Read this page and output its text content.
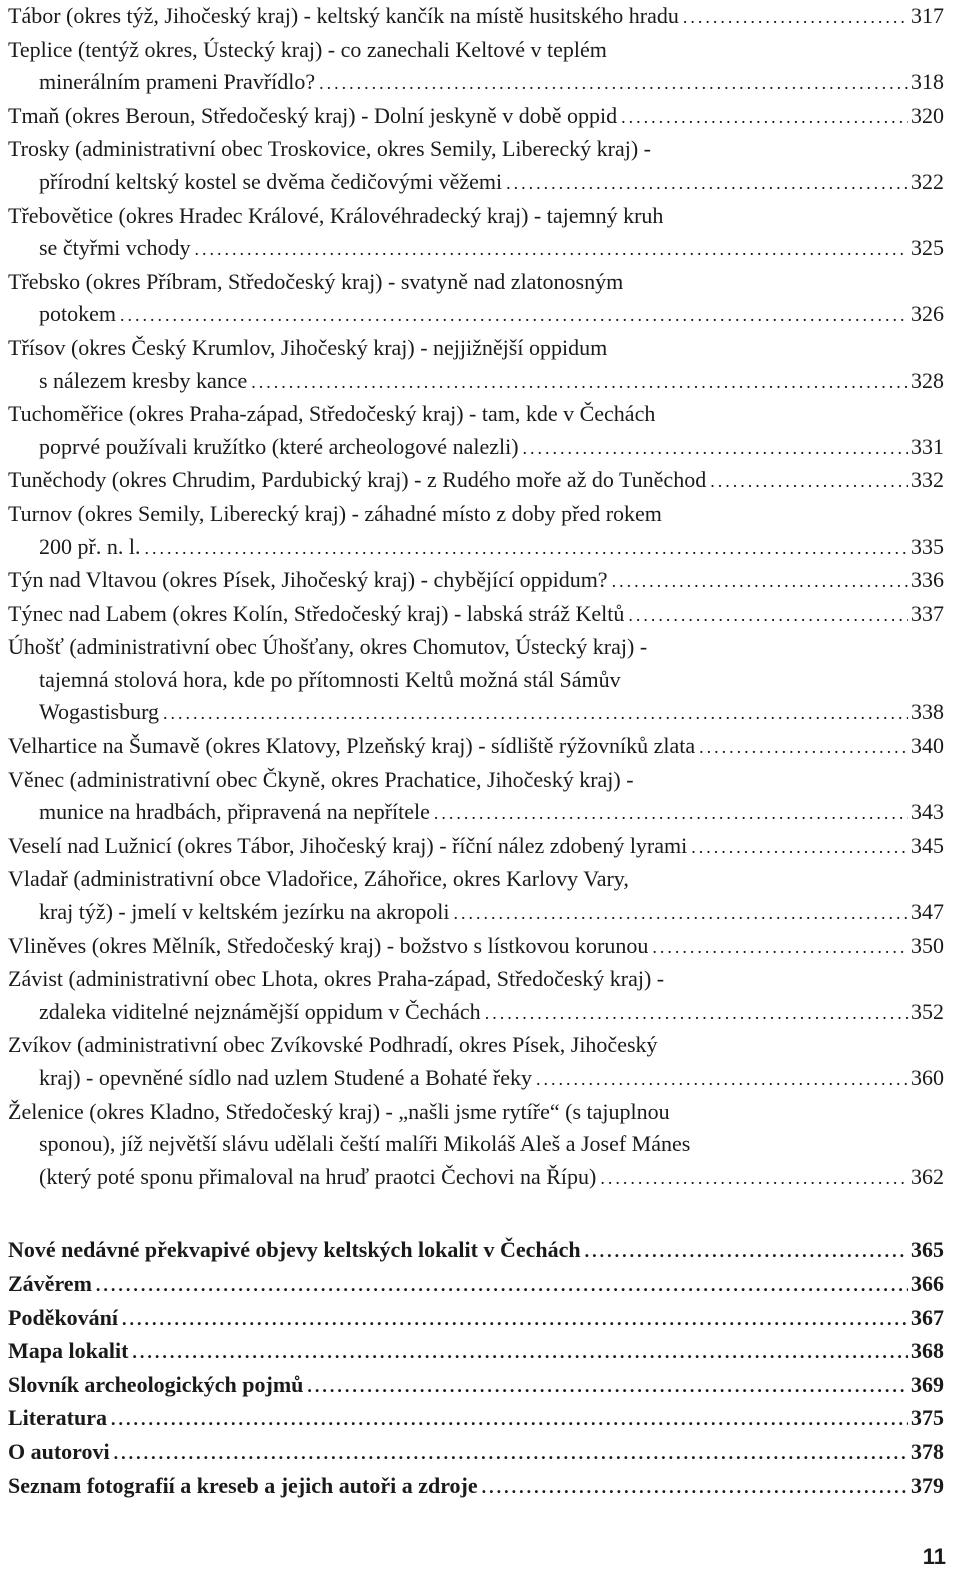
Tábor (okres týž, Jihočeský kraj) - keltský kančík na místě husitského hradu .....	317
Teplice (tentýž okres, Ústecký kraj) - co zanechali Keltové v teplém
minerálním prameni Pravřídlo? .....	318
Tmaň (okres Beroun, Středočeský kraj) - Dolní jeskyně v době oppid .....	320
Trosky (administrativní obec Troskovice, okres Semily, Liberecký kraj) -
přírodní keltský kostel se dvěma čedičovými věžemi .....	322
Třebovětice (okres Hradec Králové, Královéhradecký kraj) - tajemný kruh
se čtyřmi vchody .....	325
Třebsko (okres Příbram, Středočeský kraj) - svatyně nad zlatonosným
potokem .....	326
Třísov (okres Český Krumlov, Jihočeský kraj) - nejjižnější oppidum
s nálezem kresby kance .....	328
Tuchoměřice (okres Praha-západ, Středočeský kraj) - tam, kde v Čechách
poprvé používali kružítko (které archeologové nalezli) .....	331
Tuněchody (okres Chrudim, Pardubický kraj) - z Rudého moře až do Tuněchod .....	332
Turnov (okres Semily, Liberecký kraj) - záhadné místo z doby před rokem
200 př. n. l. .....	335
Týn nad Vltavou (okres Písek, Jihočeský kraj) - chybějící oppidum? .....	336
Týnec nad Labem (okres Kolín, Středočeský kraj) - labská stráž Keltů .....	337
Úhošť (administrativní obec Úhošťany, okres Chomutov, Ústecký kraj) -
tajemná stolová hora, kde po přítomnosti Keltů možná stál Sámův
Wogastisburg .....	338
Velhartice na Šumavě (okres Klatovy, Plzeňský kraj) - sídliště rýžovníků zlata .....	340
Věnec (administrativní obec Čkyně, okres Prachatice, Jihočeský kraj) -
munice na hradbách, připravená na nepřítele .....	343
Veselí nad Lužnicí (okres Tábor, Jihočeský kraj) - říční nález zdobený lyrami .....	345
Vladař (administrativní obce Vladořice, Záhořice, okres Karlovy Vary,
kraj týž) - jmelí v keltském jezírku na akropoli .....	347
Vliněves (okres Mělník, Středočeský kraj) - božstvo s lístkovou korunou .....	350
Závist (administrativní obec Lhota, okres Praha-západ, Středočeský kraj) -
zdaleka viditelné nejznámější oppidum v Čechách .....	352
Zvíkov (administrativní obec Zvíkovské Podhradí, okres Písek, Jihočeský
kraj) - opevněné sídlo nad uzlem Studené a Bohaté řeky .....	360
Želenice (okres Kladno, Středočeský kraj) - „našli jsme rytíře“ (s tajuplnou
sponou), jíž největší slávu udělali čeští malíři Mikoláš Aleš a Josef Mánes
(který poté sponu přimaloval na hruď praotci Čechovi na Řípu) .....	362
Nové nedávné překvapivé objevy keltských lokalit v Čechách .....	365
Závěrem .....	366
Poděkování .....	367
Mapa lokalit .....	368
Slovník archeologických pojmů .....	369
Literatura .....	375
O autorovi .....	378
Seznam fotografií a kreseb a jejich autoři a zdroje .....	379
11
